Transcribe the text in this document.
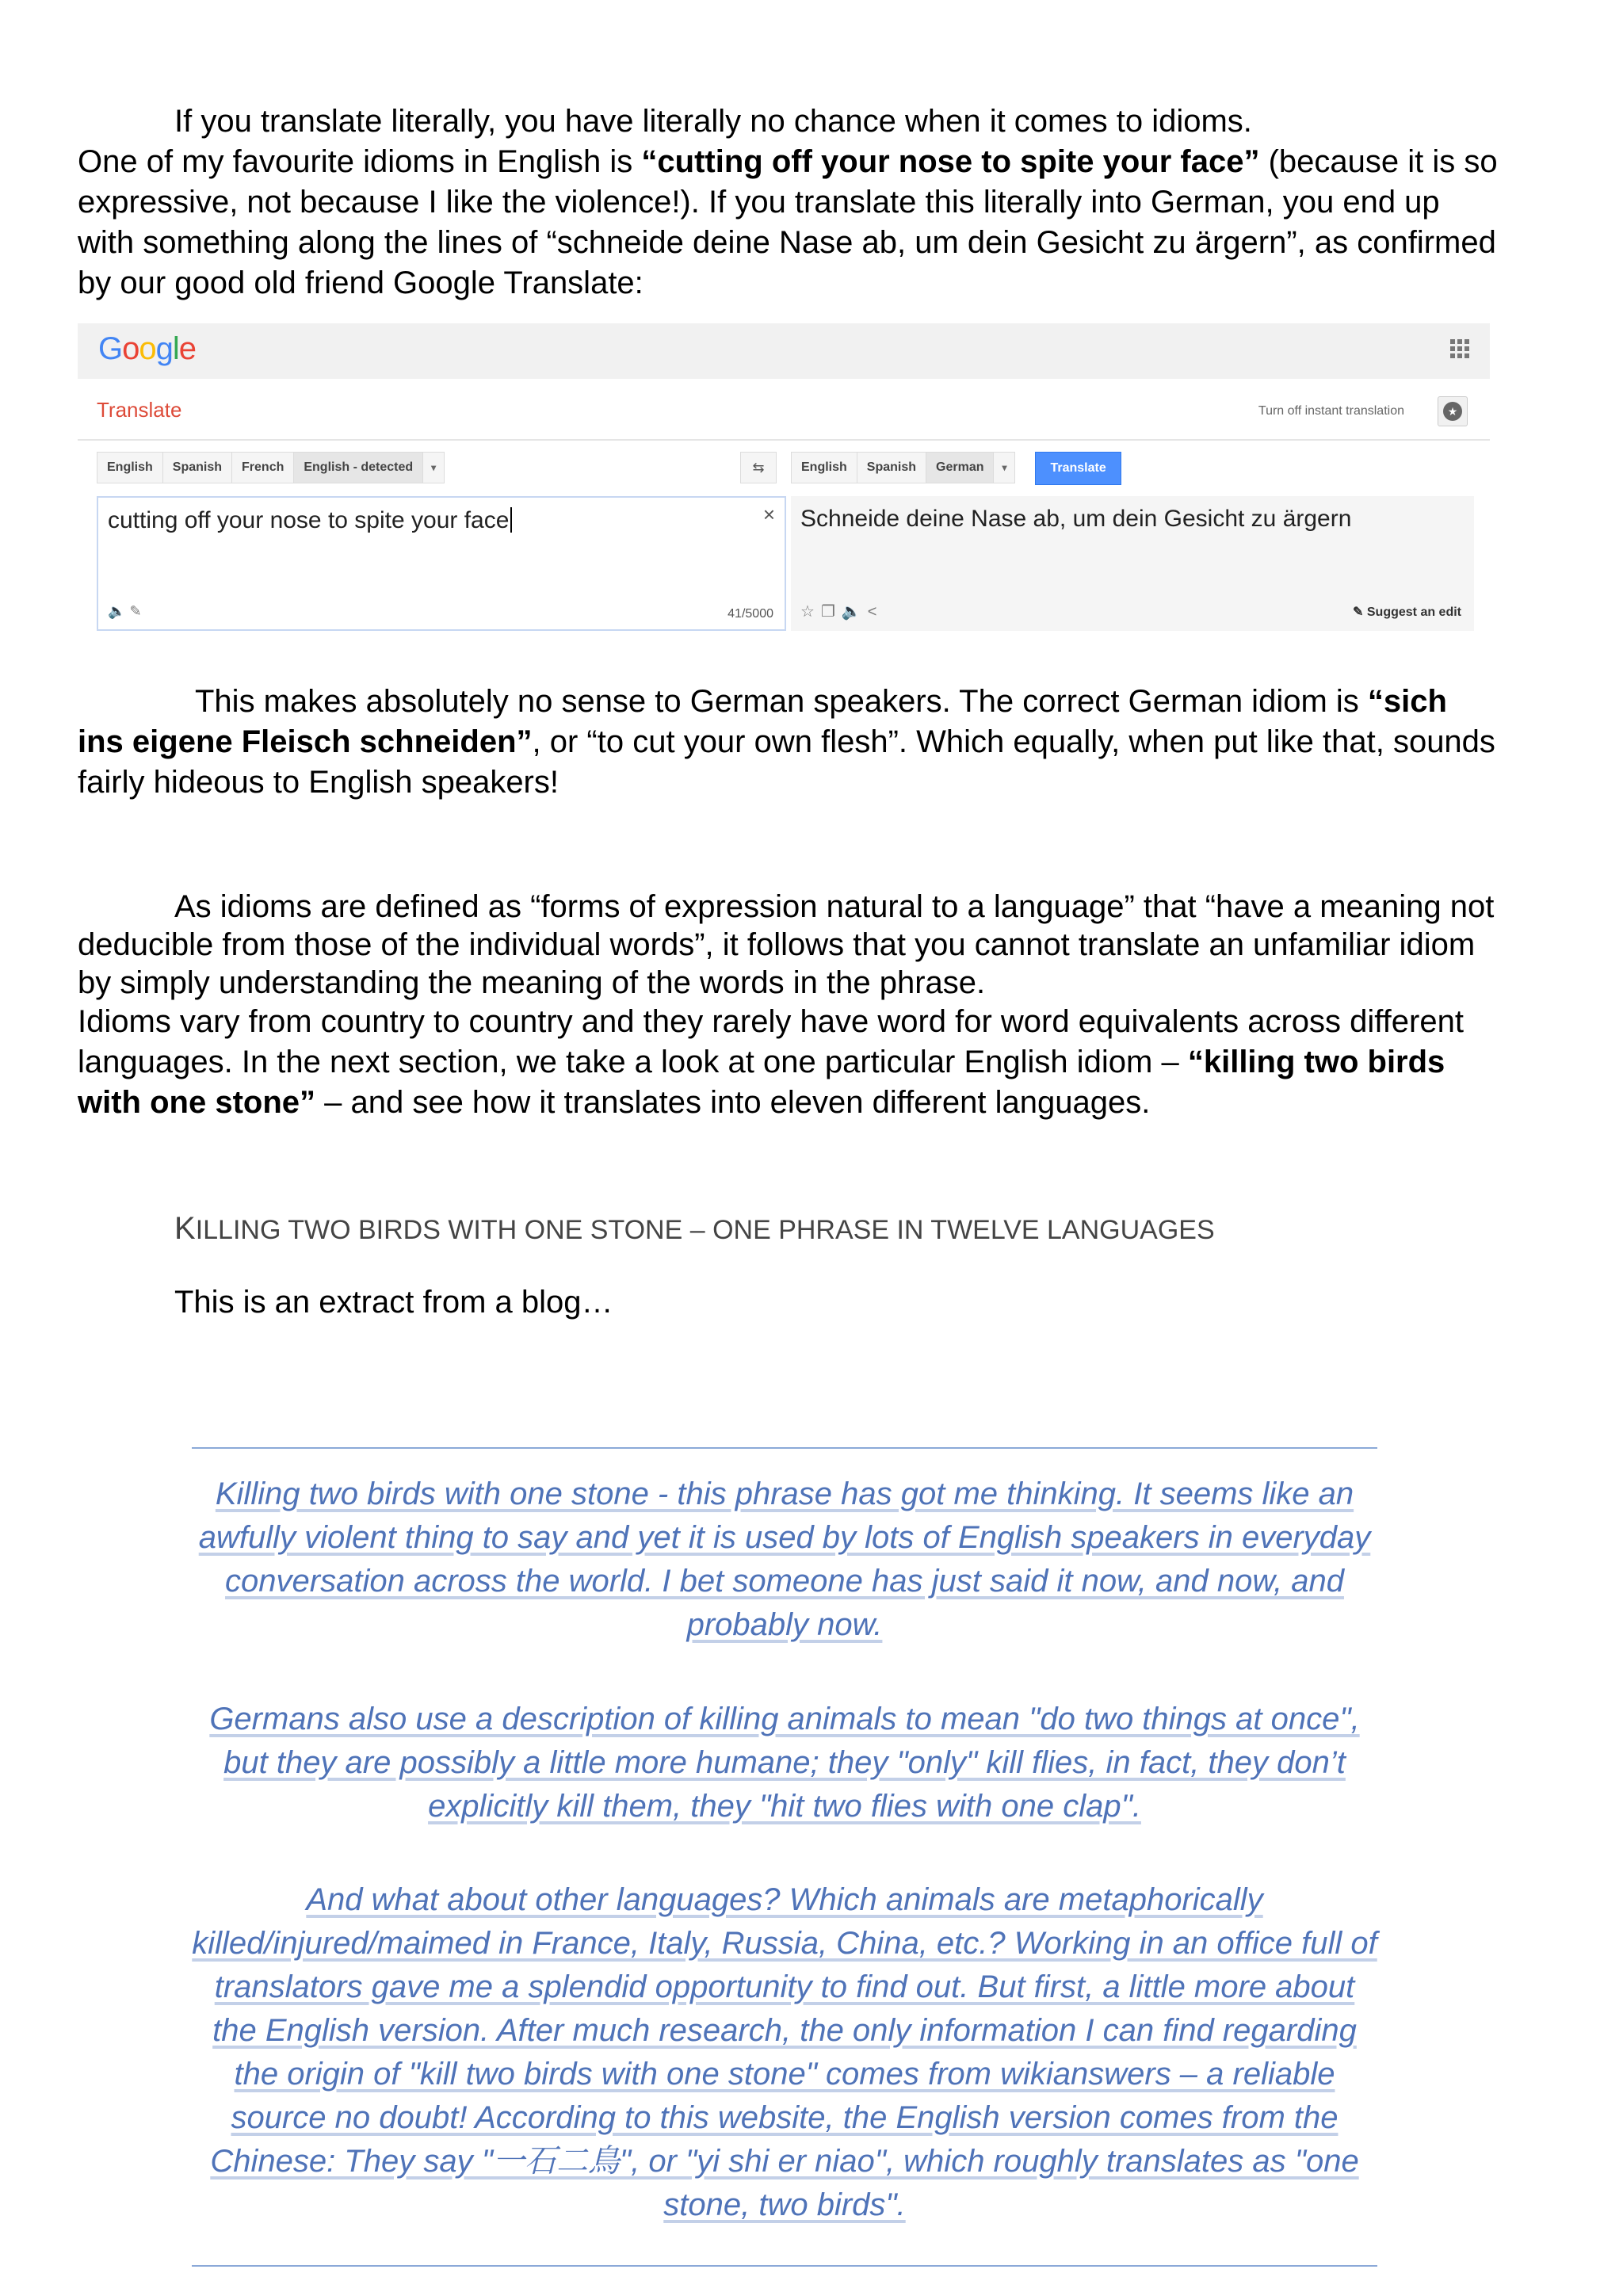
If you translate literally, you have literally no chance when it comes to idioms.
One of my favourite idioms in English is “cutting off your nose to spite your face” (because it is so expressive, not because I like the violence!). If you translate this literally into German, you end up with something along the lines of “schneide deine Nase ab, um dein Gesicht zu ärgern”, as confirmed by our good old friend Google Translate:

Google
Translate	Turn off instant translation	★
English	Spanish	French	English - detected	▾	⇆	English	Spanish	German	▾	Translate
cutting off your nose to spite your face	×
🔈 ✎	41/5000
Schneide deine Nase ab, um dein Gesicht zu ärgern
☆❐🔈<	✎ Suggest an edit

This makes absolutely no sense to German speakers. The correct German idiom is “sich ins eigene Fleisch schneiden”, or “to cut your own flesh”. Which equally, when put like that, sounds fairly hideous to English speakers!

As idioms are defined as “forms of expression natural to a language” that “have a meaning not deducible from those of the individual words”, it follows that you cannot translate an unfamiliar idiom by simply understanding the meaning of the words in the phrase.

Idioms vary from country to country and they rarely have word for word equivalents across different languages. In the next section, we take a look at one particular English idiom – “killing two birds with one stone” – and see how it translates into eleven different languages.

KILLING TWO BIRDS WITH ONE STONE – ONE PHRASE IN TWELVE LANGUAGES
This is an extract from a blog…

Killing two birds with one stone - this phrase has got me thinking. It seems like an awfully violent thing to say and yet it is used by lots of English speakers in everyday conversation across the world. I bet someone has just said it now, and now, and probably now.

Germans also use a description of killing animals to mean "do two things at once", but they are possibly a little more humane; they "only" kill flies, in fact, they don’t explicitly kill them, they "hit two flies with one clap".

And what about other languages? Which animals are metaphorically killed/injured/maimed in France, Italy, Russia, China, etc.? Working in an office full of translators gave me a splendid opportunity to find out. But first, a little more about the English version. After much research, the only information I can find regarding the origin of "kill two birds with one stone" comes from wikianswers – a reliable source no doubt! According to this website, the English version comes from the Chinese: They say "一石二鳥", or "yi shi er niao", which roughly translates as "one stone, two birds".
